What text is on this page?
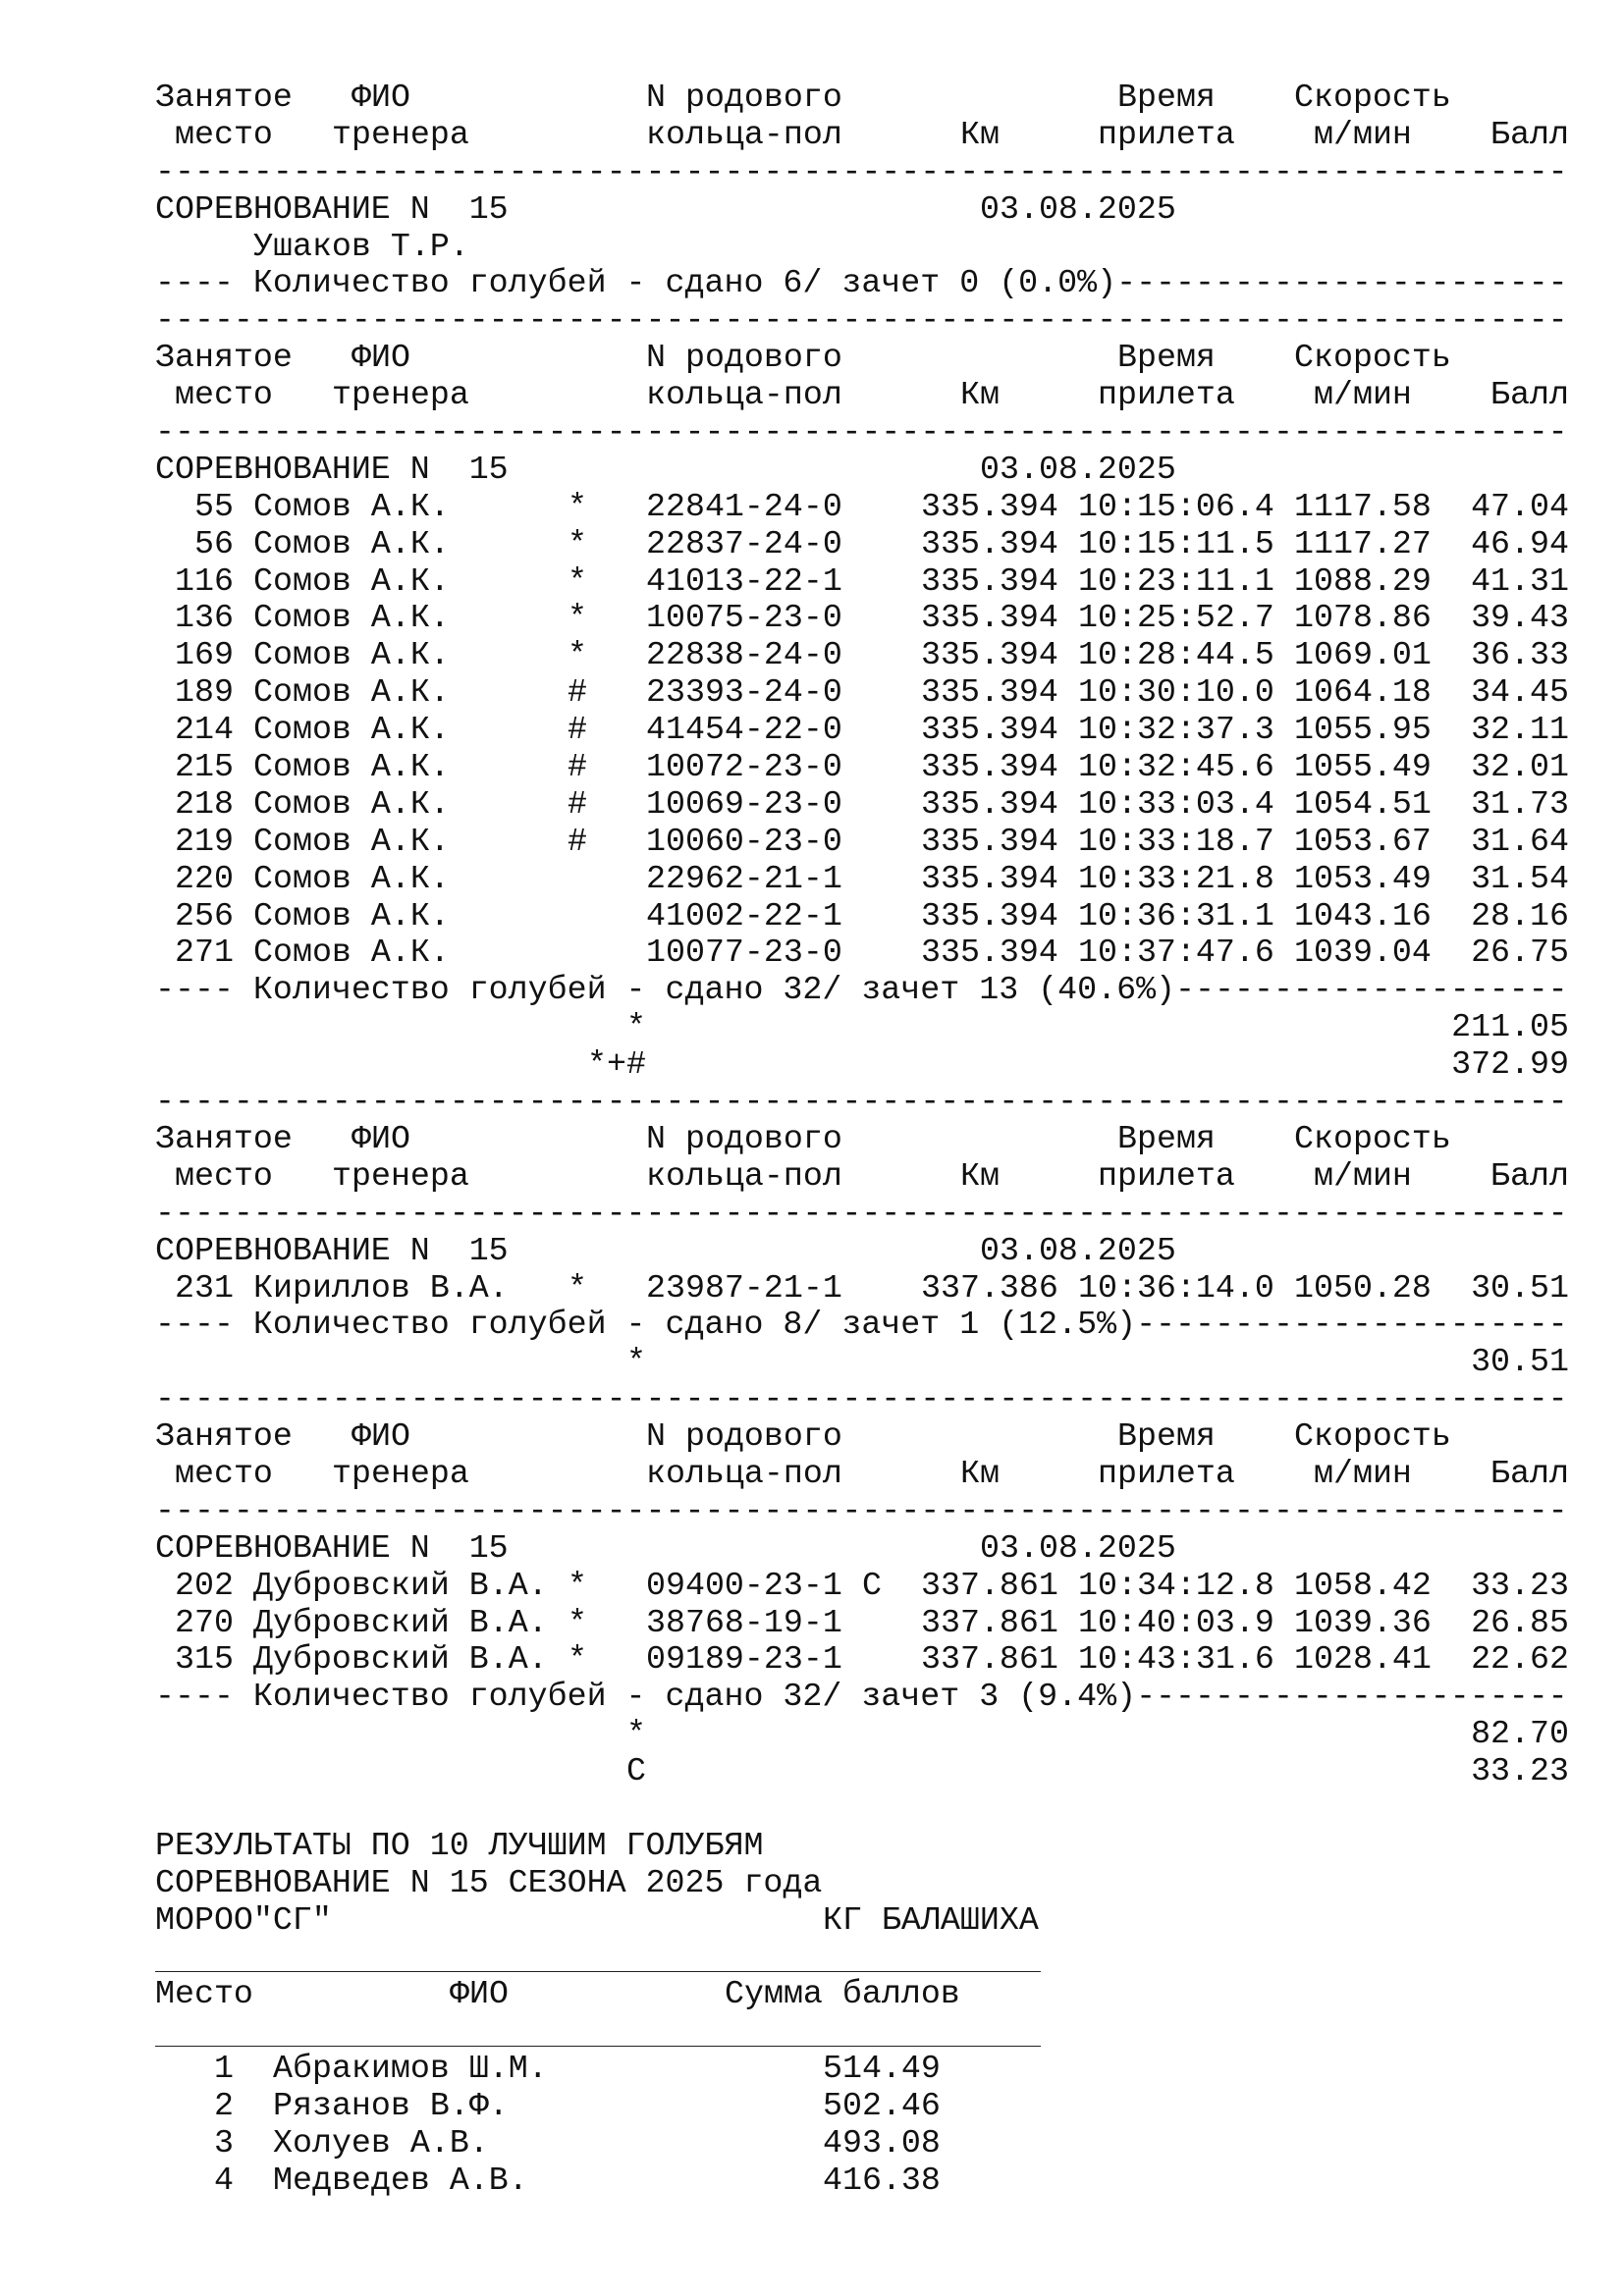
Занятое ФИО	N родового	Время Скорость
место тренера	кольца-пол	Км	прилета м/мин Балл
------------------------------------------------------------------------
СОРЕВНОВАНИЕ N  15	03.08.2025
Ушаков Т.Р.
---- Количество голубей - сдано 6/ зачет 0 (0.0%)-----------------------
------------------------------------------------------------------------
Занятое ФИО	N родового	Время Скорость
место тренера	кольца-пол	Км	прилета м/мин Балл
------------------------------------------------------------------------
СОРЕВНОВАНИЕ N  15	03.08.2025
55 Сомов А.К.	* 22841-24-0 335.394 10:15:06.4 1117.58 47.04
56 Сомов А.К.	* 22837-24-0 335.394 10:15:11.5 1117.27 46.94
116 Сомов А.К.	* 41013-22-1 335.394 10:23:11.1 1088.29 41.31
136 Сомов А.К.	* 10075-23-0 335.394 10:25:52.7 1078.86 39.43
169 Сомов А.К.	* 22838-24-0 335.394 10:28:44.5 1069.01 36.33
189 Сомов А.К.	# 23393-24-0 335.394 10:30:10.0 1064.18 34.45
214 Сомов А.К.	# 41454-22-0 335.394 10:32:37.3 1055.95 32.11
215 Сомов А.К.	# 10072-23-0 335.394 10:32:45.6 1055.49 32.01
218 Сомов А.К.	# 10069-23-0 335.394 10:33:03.4 1054.51 31.73
219 Сомов А.К.	# 10060-23-0 335.394 10:33:18.7 1053.67 31.64
220 Сомов А.К.	22962-21-1 335.394 10:33:21.8 1053.49 31.54
256 Сомов А.К.	41002-22-1 335.394 10:36:31.1 1043.16 28.16
271 Сомов А.К.	10077-23-0 335.394 10:37:47.6 1039.04 26.75
---- Количество голубей - сдано 32/ зачет 13 (40.6%)--------------------
*	211.05
*+#	372.99
------------------------------------------------------------------------
Занятое ФИО	N родового	Время Скорость
место тренера	кольца-пол	Км	прилета м/мин Балл
------------------------------------------------------------------------
СОРЕВНОВАНИЕ N  15	03.08.2025
231 Кириллов В.А. * 23987-21-1 337.386 10:36:14.0 1050.28 30.51
---- Количество голубей - сдано 8/ зачет 1 (12.5%)----------------------
*	30.51
------------------------------------------------------------------------
Занятое ФИО	N родового	Время Скорость
место тренера	кольца-пол	Км	прилета м/мин Балл
------------------------------------------------------------------------
СОРЕВНОВАНИЕ N  15	03.08.2025
202 Дубровский В.А. * 09400-23-1 C 337.861 10:34:12.8 1058.42 33.23
270 Дубровский В.А. * 38768-19-1 337.861 10:40:03.9 1039.36 26.85
315 Дубровский В.А. * 09189-23-1 337.861 10:43:31.6 1028.41 22.62
---- Количество голубей - сдано 32/ зачет 3 (9.4%)----------------------
*	82.70
C	33.23
РЕЗУЛЬТАТЫ ПО 10 ЛУЧШИМ ГОЛУБЯМ
СОРЕВНОВАНИЕ N 15 СЕЗОНА 2025 года
МОРОО"СГ"	КГ БАЛАШИХА
Место	ФИО	Сумма баллов
1 Абракимов Ш.М.	514.49
2 Рязанов В.Ф.	502.46
3 Холуев А.В.	493.08
4 Медведев А.В.	416.38
